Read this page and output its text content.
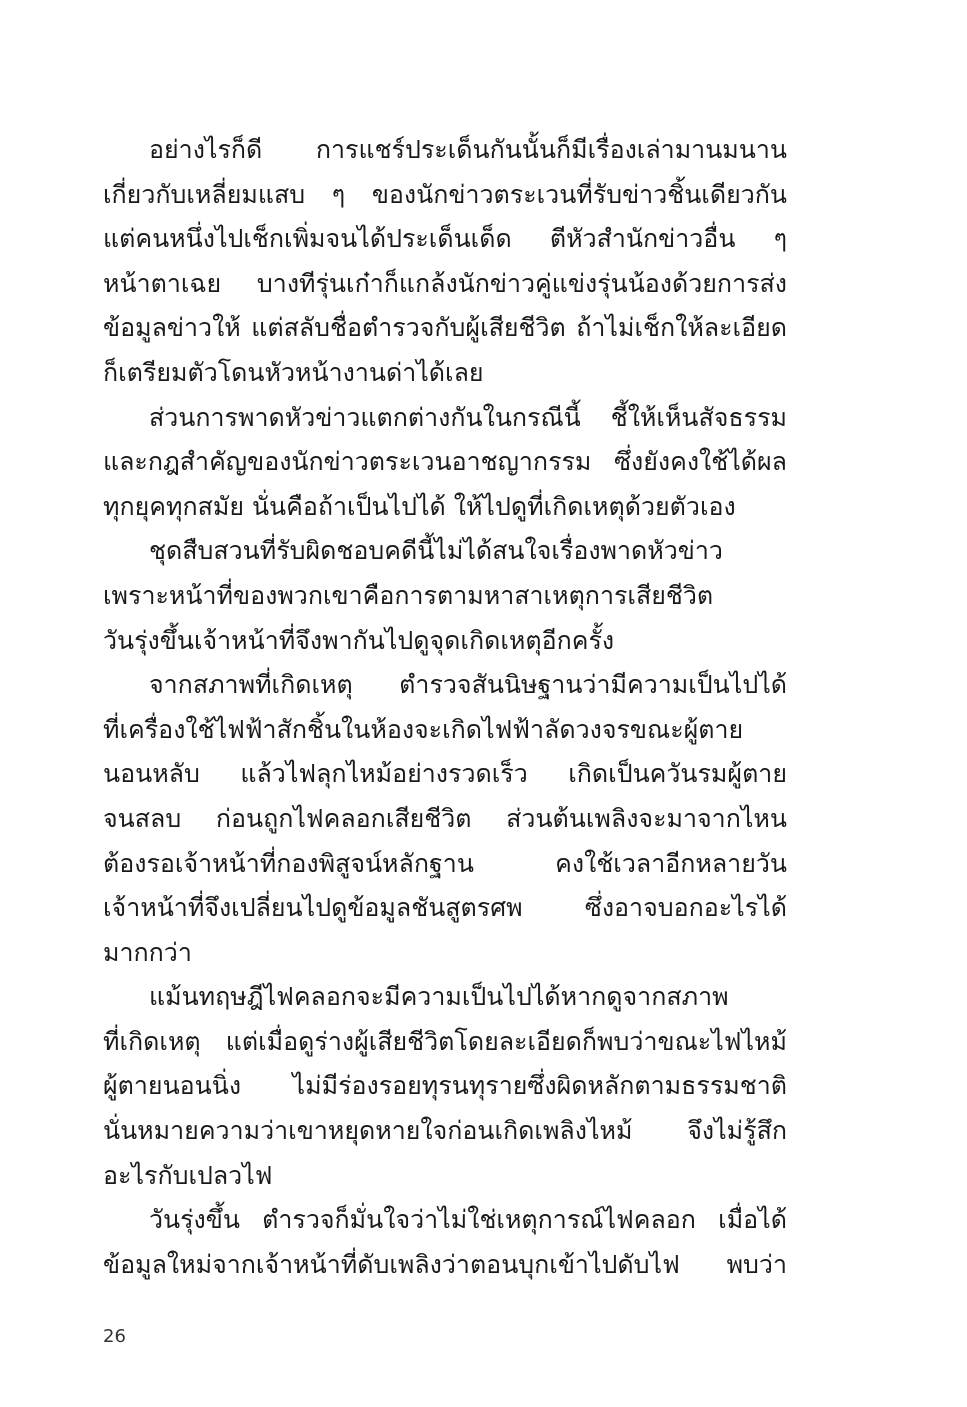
อย่างไรก็ดี การแชร์ประเด็นกันนั้นก็มีเรื่องเล่ามานมนาน
เกี่ยวกับเหลี่ยมแสบ ๆ ของนักข่าวตระเวนที่รับข่าวชิ้นเดียวกัน
แต่คนหนึ่งไปเช็กเพิ่มจนได้ประเด็นเด็ด ตีหัวสำนักข่าวอื่น ๆ
หน้าตาเฉย บางทีรุ่นเก๋าก็แกล้งนักข่าวคู่แข่งรุ่นน้องด้วยการส่ง
ข้อมูลข่าวให้ แต่สลับชื่อตำรวจกับผู้เสียชีวิต ถ้าไม่เช็กให้ละเอียด
ก็เตรียมตัวโดนหัวหน้างานด่าได้เลย
ส่วนการพาดหัวข่าวแตกต่างกันในกรณีนี้ ชี้ให้เห็นสัจธรรม
และกฎสำคัญของนักข่าวตระเวนอาชญากรรม ซึ่งยังคงใช้ได้ผล
ทุกยุคทุกสมัย นั่นคือถ้าเป็นไปได้ ให้ไปดูที่เกิดเหตุด้วยตัวเอง
ชุดสืบสวนที่รับผิดชอบคดีนี้ไม่ได้สนใจเรื่องพาดหัวข่าว
เพราะหน้าที่ของพวกเขาคือการตามหาสาเหตุการเสียชีวิต
วันรุ่งขึ้นเจ้าหน้าที่จึงพากันไปดูจุดเกิดเหตุอีกครั้ง
จากสภาพที่เกิดเหตุ ตำรวจสันนิษฐานว่ามีความเป็นไปได้
ที่เครื่องใช้ไฟฟ้าสักชิ้นในห้องจะเกิดไฟฟ้าลัดวงจรขณะผู้ตาย
นอนหลับ แล้วไฟลุกไหม้อย่างรวดเร็ว เกิดเป็นควันรมผู้ตาย
จนสลบ ก่อนถูกไฟคลอกเสียชีวิต ส่วนต้นเพลิงจะมาจากไหน
ต้องรอเจ้าหน้าที่กองพิสูจน์หลักฐาน คงใช้เวลาอีกหลายวัน
เจ้าหน้าที่จึงเปลี่ยนไปดูข้อมูลชันสูตรศพ ซึ่งอาจบอกอะไรได้
มากกว่า
แม้นทฤษฎีไฟคลอกจะมีความเป็นไปได้หากดูจากสภาพ
ที่เกิดเหตุ แต่เมื่อดูร่างผู้เสียชีวิตโดยละเอียดก็พบว่าขณะไฟไหม้
ผู้ตายนอนนิ่ง ไม่มีร่องรอยทุรนทุรายซึ่งผิดหลักตามธรรมชาติ
นั่นหมายความว่าเขาหยุดหายใจก่อนเกิดเพลิงไหม้ จึงไม่รู้สึก
อะไรกับเปลวไฟ
วันรุ่งขึ้น ตำรวจก็มั่นใจว่าไม่ใช่เหตุการณ์ไฟคลอก เมื่อได้
ข้อมูลใหม่จากเจ้าหน้าที่ดับเพลิงว่าตอนบุกเข้าไปดับไฟ พบว่า
26
